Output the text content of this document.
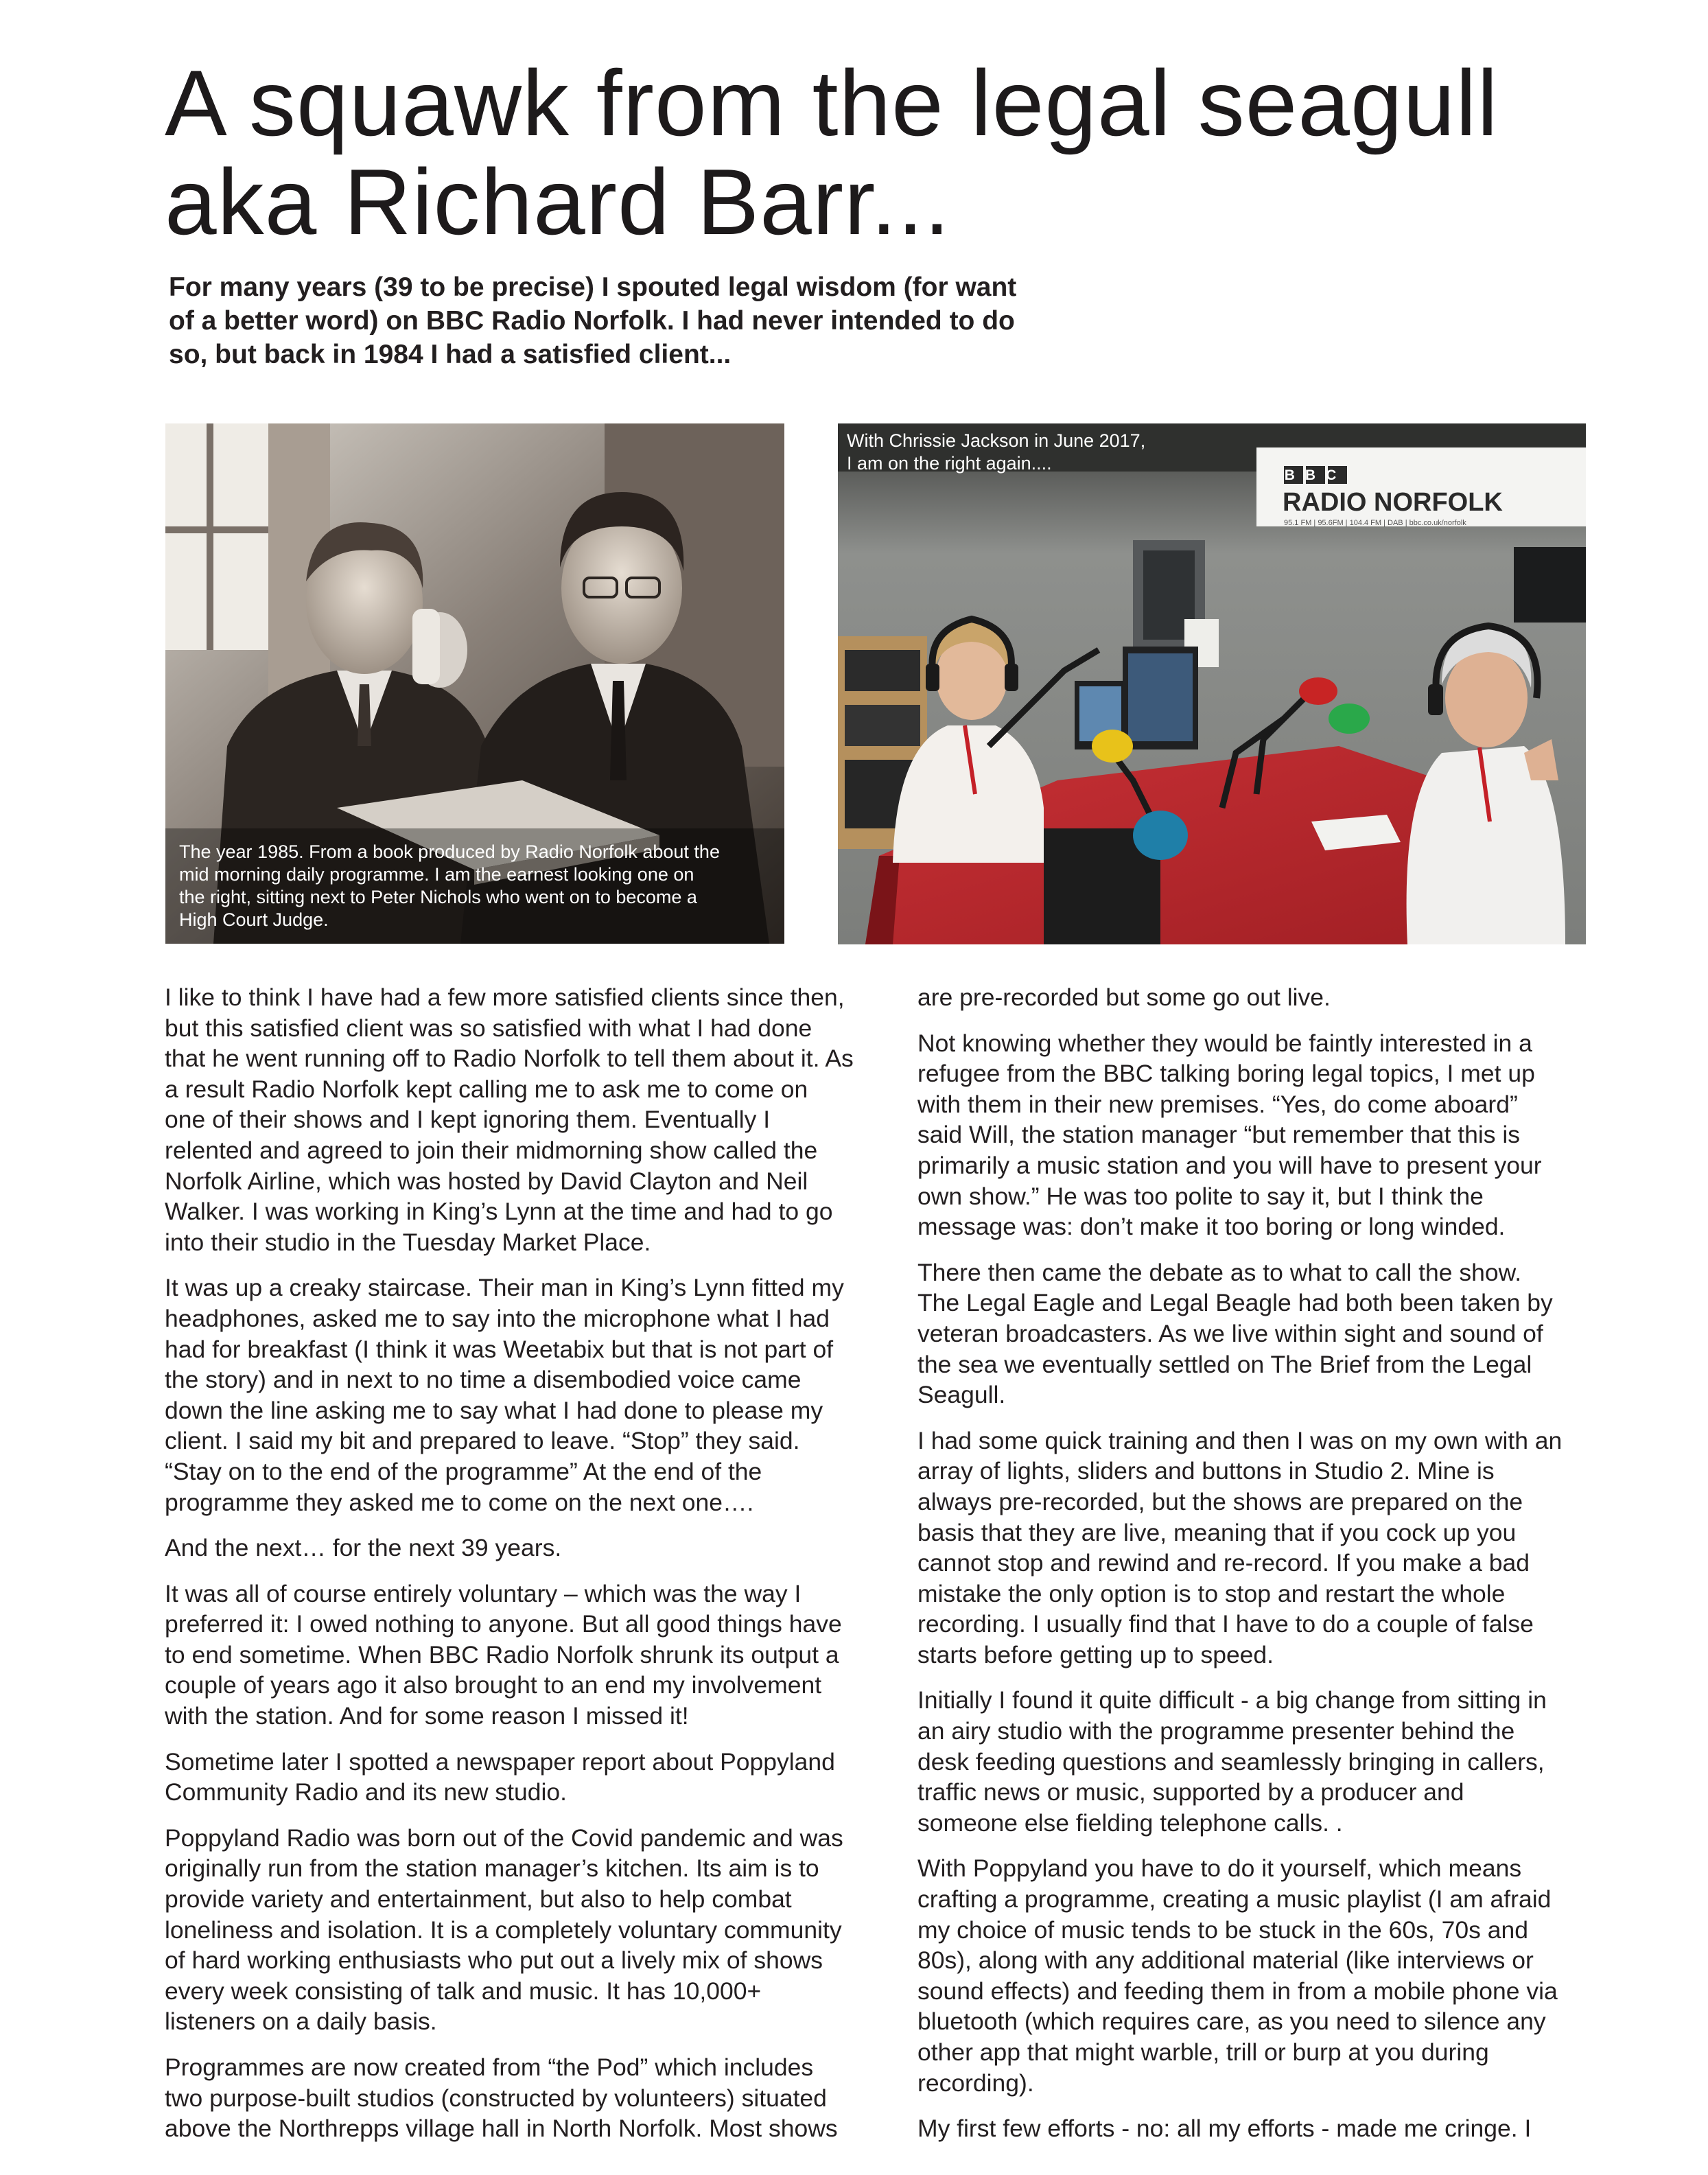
A squawk from the legal seagull
aka Richard Barr...

For many years (39 to be precise) I spouted legal wisdom (for want
of a better word) on BBC Radio Norfolk. I had never intended to do
so, but back in 1984 I had a satisfied client...

The year 1985. From a book produced by Radio Norfolk about the
mid morning daily programme. I am the earnest looking one on
the right, sitting next to Peter Nichols who went on to become a
High Court Judge.
BBC
RADIO NORFOLK
95.1 FM | 95.6FM | 104.4 FM | DAB | bbc.co.uk/norfolk
With Chrissie Jackson in June 2017,
I am on the right again....

I like to think I have had a few more satisfied clients since then,
but this satisfied client was so satisfied with what I had done
that he went running off to Radio Norfolk to tell them about it. As
a result Radio Norfolk kept calling me to ask me to come on
one of their shows and I kept ignoring them. Eventually I
relented and agreed to join their midmorning show called the
Norfolk Airline, which was hosted by David Clayton and Neil
Walker. I was working in King’s Lynn at the time and had to go
into their studio in the Tuesday Market Place.

It was up a creaky staircase. Their man in King’s Lynn fitted my
headphones, asked me to say into the microphone what I had
had for breakfast (I think it was Weetabix but that is not part of
the story) and in next to no time a disembodied voice came
down the line asking me to say what I had done to please my
client. I said my bit and prepared to leave. “Stop” they said.
“Stay on to the end of the programme” At the end of the
programme they asked me to come on the next one….

And the next… for the next 39 years.

It was all of course entirely voluntary – which was the way I
preferred it: I owed nothing to anyone. But all good things have
to end sometime. When BBC Radio Norfolk shrunk its output a
couple of years ago it also brought to an end my involvement
with the station. And for some reason I missed it!

Sometime later I spotted a newspaper report about Poppyland
Community Radio and its new studio.

Poppyland Radio was born out of the Covid pandemic and was
originally run from the station manager’s kitchen. Its aim is to
provide variety and entertainment, but also to help combat
loneliness and isolation. It is a completely voluntary community
of hard working enthusiasts who put out a lively mix of shows
every week consisting of talk and music. It has 10,000+
listeners on a daily basis.

Programmes are now created from “the Pod” which includes
two purpose-built studios (constructed by volunteers) situated
above the Northrepps village hall in North Norfolk. Most shows

are pre-recorded but some go out live.

Not knowing whether they would be faintly interested in a
refugee from the BBC talking boring legal topics, I met up
with them in their new premises. “Yes, do come aboard”
said Will, the station manager “but remember that this is
primarily a music station and you will have to present your
own show.” He was too polite to say it, but I think the
message was: don’t make it too boring or long winded.

There then came the debate as to what to call the show.
The Legal Eagle and Legal Beagle had both been taken by
veteran broadcasters. As we live within sight and sound of
the sea we eventually settled on The Brief from the Legal
Seagull.

I had some quick training and then I was on my own with an
array of lights, sliders and buttons in Studio 2. Mine is
always pre-recorded, but the shows are prepared on the
basis that they are live, meaning that if you cock up you
cannot stop and rewind and re-record. If you make a bad
mistake the only option is to stop and restart the whole
recording. I usually find that I have to do a couple of false
starts before getting up to speed.

Initially I found it quite difficult - a big change from sitting in
an airy studio with the programme presenter behind the
desk feeding questions and seamlessly bringing in callers,
traffic news or music, supported by a producer and
someone else fielding telephone calls. .

With Poppyland you have to do it yourself, which means
crafting a programme, creating a music playlist (I am afraid
my choice of music tends to be stuck in the 60s, 70s and
80s), along with any additional material (like interviews or
sound effects) and feeding them in from a mobile phone via
bluetooth (which requires care, as you need to silence any
other app that might warble, trill or burp at you during
recording).

My first few efforts - no: all my efforts - made me cringe. I
